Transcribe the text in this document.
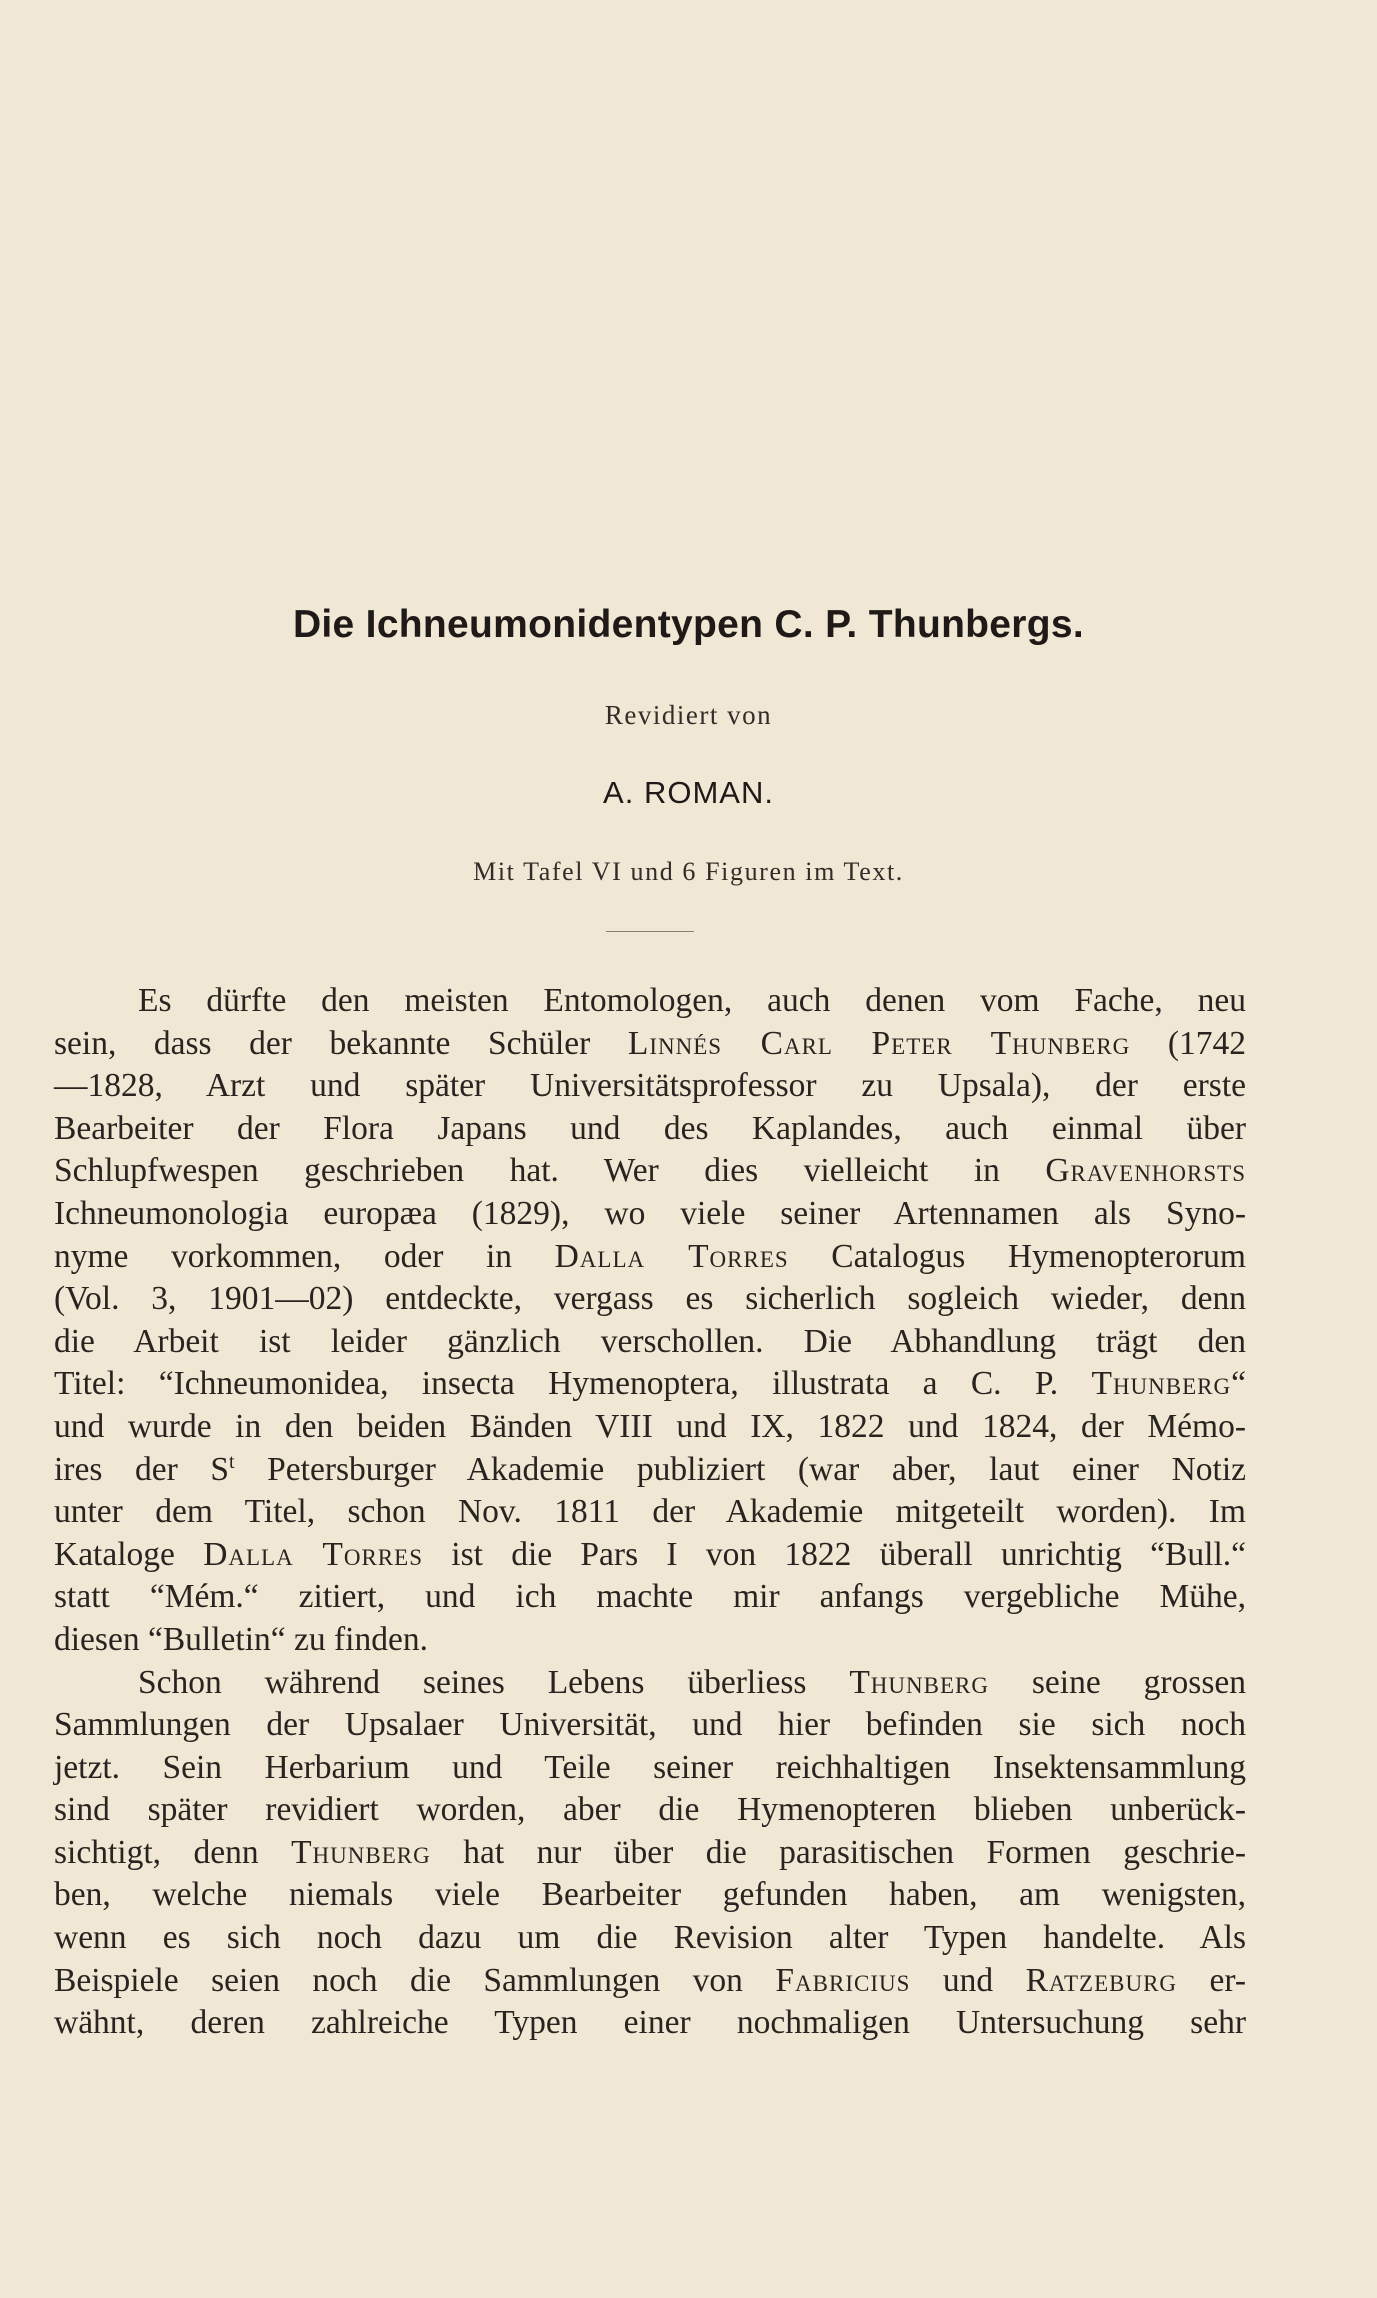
Die Ichneumonidentypen C. P. Thunbergs.
Revidiert von
A. ROMAN.
Mit Tafel VI und 6 Figuren im Text.
Es dürfte den meisten Entomologen, auch denen vom Fache, neu
sein, dass der bekannte Schüler Linnés Carl Peter Thunberg (1742
—1828, Arzt und später Universitätsprofessor zu Upsala), der erste
Bearbeiter der Flora Japans und des Kaplandes, auch einmal über
Schlupfwespen geschrieben hat. Wer dies vielleicht in Gravenhorsts
Ichneumonologia europæa (1829), wo viele seiner Artennamen als Syno-
nyme vorkommen, oder in Dalla Torres Catalogus Hymenopterorum
(Vol. 3, 1901—02) entdeckte, vergass es sicherlich sogleich wieder, denn
die Arbeit ist leider gänzlich verschollen. Die Abhandlung trägt den
Titel: “Ichneumonidea, insecta Hymenoptera, illustrata a C. P. Thunberg“
und wurde in den beiden Bänden VIII und IX, 1822 und 1824, der Mémo-
ires der $S^t$ Petersburger Akademie publiziert (war aber, laut einer Notiz
unter dem Titel, schon Nov. 1811 der Akademie mitgeteilt worden). Im
Kataloge Dalla Torres ist die Pars I von 1822 überall unrichtig “Bull.“
statt “Mém.“ zitiert, und ich machte mir anfangs vergebliche Mühe,
diesen “Bulletin“ zu finden.
Schon während seines Lebens überliess Thunberg seine grossen
Sammlungen der Upsalaer Universität, und hier befinden sie sich noch
jetzt. Sein Herbarium und Teile seiner reichhaltigen Insektensammlung
sind später revidiert worden, aber die Hymenopteren blieben unberück-
sichtigt, denn Thunberg hat nur über die parasitischen Formen geschrie-
ben, welche niemals viele Bearbeiter gefunden haben, am wenigsten,
wenn es sich noch dazu um die Revision alter Typen handelte. Als
Beispiele seien noch die Sammlungen von Fabricius und Ratzeburg er-
wähnt, deren zahlreiche Typen einer nochmaligen Untersuchung sehr
